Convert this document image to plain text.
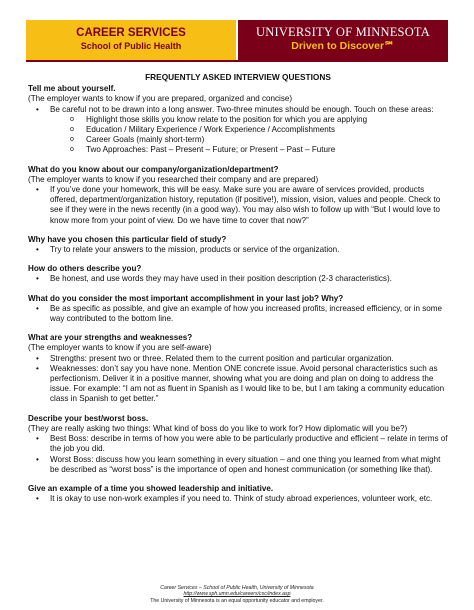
CAREER SERVICES
School of Public Health
UNIVERSITY OF MINNESOTA
Driven to Discover℠
FREQUENTLY ASKED INTERVIEW QUESTIONS
Tell me about yourself.
(The employer wants to know if you are prepared, organized and concise)
• Be careful not to be drawn into a long answer. Two-three minutes should be enough. Touch on these areas:
o Highlight those skills you know relate to the position for which you are applying
o Education / Military Experience / Work Experience / Accomplishments
o Career Goals (mainly short-term)
o Two Approaches: Past – Present – Future; or Present – Past – Future
What do you know about our company/organization/department?
(The employer wants to know if you researched their company and are prepared)
• If you’ve done your homework, this will be easy. Make sure you are aware of services provided, products offered, department/organization history, reputation (if positive!), mission, vision, values and people. Check to see if they were in the news recently (in a good way). You may also wish to follow up with “But I would love to know more from your point of view. Do we have time to cover that now?”
Why have you chosen this particular field of study?
• Try to relate your answers to the mission, products or service of the organization.
How do others describe you?
• Be honest, and use words they may have used in their position description (2-3 characteristics).
What do you consider the most important accomplishment in your last job? Why?
• Be as specific as possible, and give an example of how you increased profits, increased efficiency, or in some way contributed to the bottom line.
What are your strengths and weaknesses?
(The employer wants to know if you are self-aware)
• Strengths: present two or three. Related them to the current position and particular organization.
• Weaknesses: don’t say you have none. Mention ONE concrete issue. Avoid personal characteristics such as perfectionism. Deliver it in a positive manner, showing what you are doing and plan on doing to address the issue. For example: “I am not as fluent in Spanish as I would like to be, but I am taking a community education class in Spanish to get better.”
Describe your best/worst boss.
(They are really asking two things: What kind of boss do you like to work for? How diplomatic will you be?)
• Best Boss: describe in terms of how you were able to be particularly productive and efficient – relate in terms of the job you did.
• Worst Boss: discuss how you learn something in every situation – and one thing you learned from what might be described as “worst boss” is the importance of open and honest communication (or something like that).
Give an example of a time you showed leadership and initiative.
• It is okay to use non-work examples if you need to. Think of study abroad experiences, volunteer work, etc.
Career Services – School of Public Health, University of Minnesota
http://www.sph.umn.edu/careers/csc/index.asp
The University of Minnesota is an equal opportunity educator and employer.
